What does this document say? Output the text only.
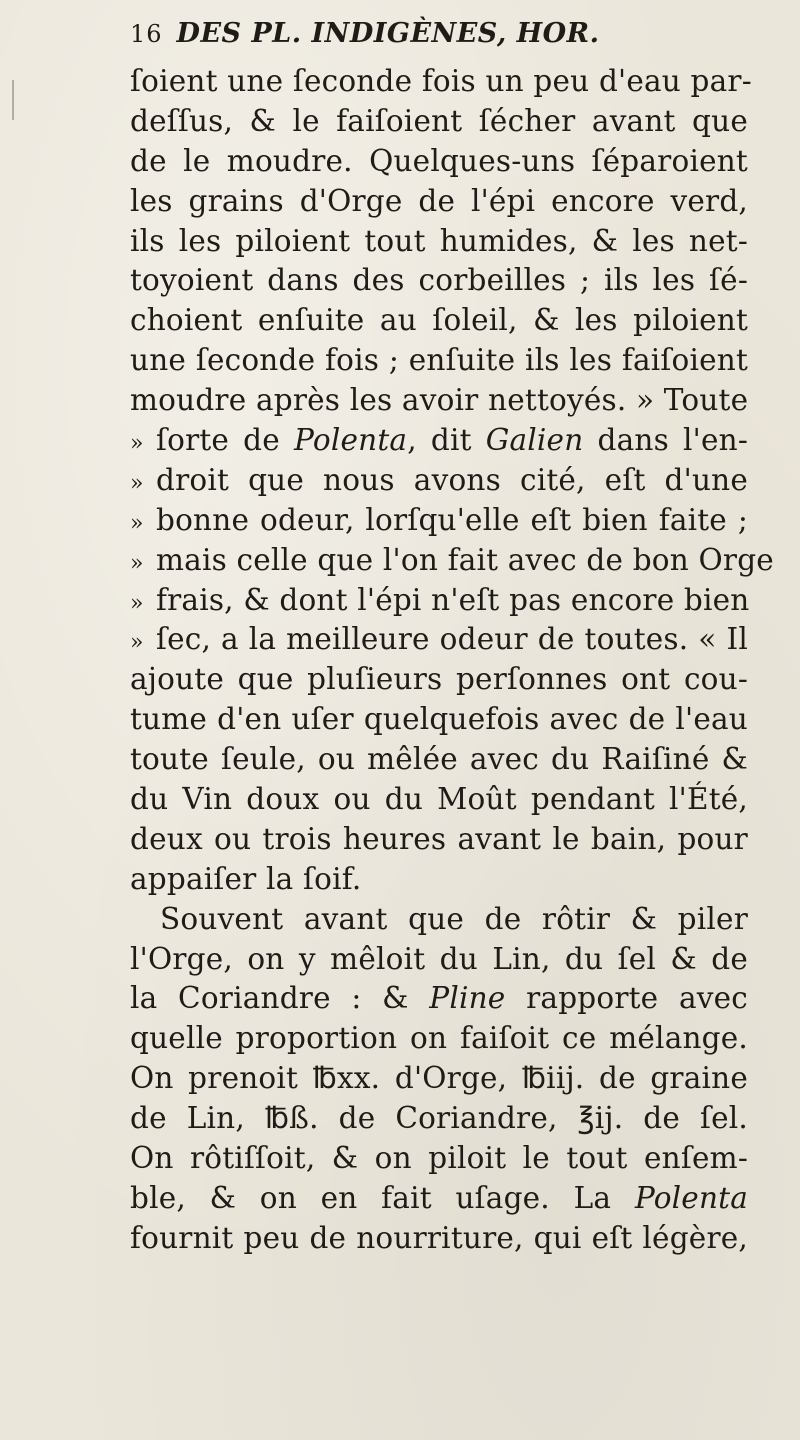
16 DES PL. INDIGÈNES, HOR.
ſoient une ſeconde fois un peu d'eau par-
deſſus, & le faiſoient ſécher avant que
de le moudre. Quelques-uns ſéparoient
les grains d'Orge de l'épi encore verd,
ils les piloient tout humides, & les net-
toyoient dans des corbeilles ; ils les ſé-
choient enſuite au ſoleil, & les piloient
une ſeconde fois ; enſuite ils les faiſoient
moudre après les avoir nettoyés. » Toute
» ſorte de Polenta, dit Galien dans l'en-
» droit que nous avons cité, eſt d'une
» bonne odeur, lorſqu'elle eſt bien faite ;
» mais celle que l'on fait avec de bon Orge
» frais, & dont l'épi n'eſt pas encore bien
» ſec, a la meilleure odeur de toutes. « Il
ajoute que pluſieurs perſonnes ont cou-
tume d'en uſer quelquefois avec de l'eau
toute ſeule, ou mêlée avec du Raiſiné &
du Vin doux ou du Moût pendant l'Été,
deux ou trois heures avant le bain, pour
appaiſer la ſoif.
Souvent avant que de rôtir & piler
l'Orge, on y mêloit du Lin, du ſel & de
la Coriandre : & Pline rapporte avec
quelle proportion on faiſoit ce mélange.
On prenoit ℔xx. d'Orge, ℔iij. de graine
de Lin, ℔ß. de Coriandre, ℥ij. de ſel.
On rôtiſſoit, & on piloit le tout enſem-
ble, & on en fait uſage. La Polenta
fournit peu de nourriture, qui eſt légère,
